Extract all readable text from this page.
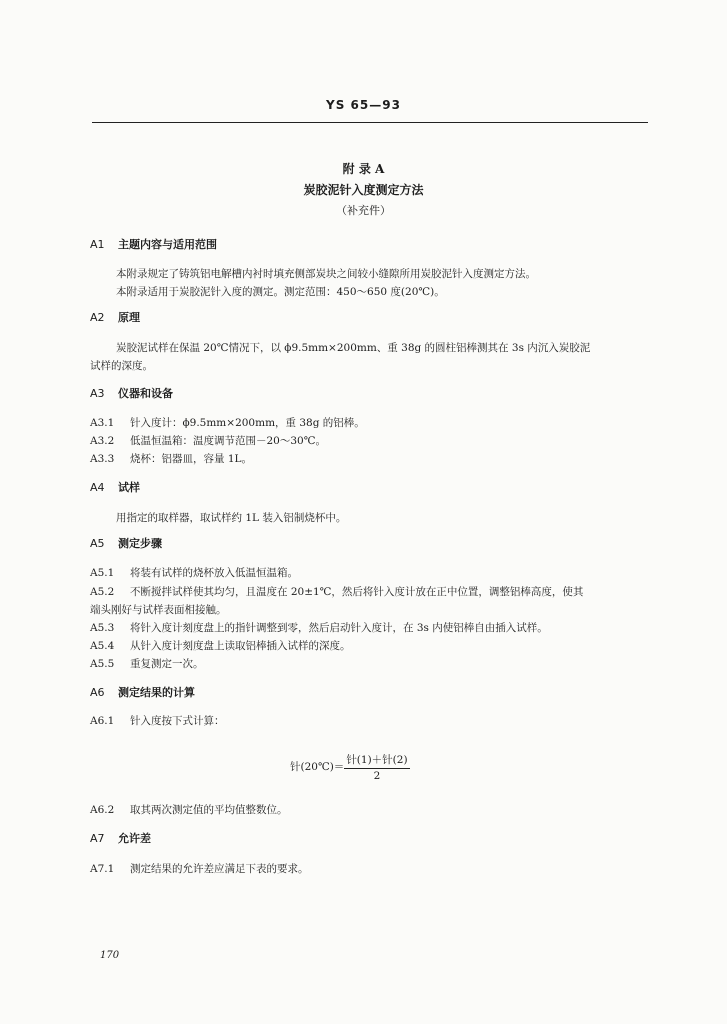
YS 65—93
附 录 A
炭胶泥针入度测定方法
（补充件）
A1 主题内容与适用范围
本附录规定了铸筑铝电解槽内衬时填充侧部炭块之间较小缝隙所用炭胶泥针入度测定方法。
本附录适用于炭胶泥针入度的测定。测定范围：450～650 度(20℃)。
A2 原理
炭胶泥试样在保温 20℃情况下，以 ϕ9.5mm×200mm、重 38g 的圆柱铝棒测其在 3s 内沉入炭胶泥
试样的深度。
A3 仪器和设备
A3.1 针入度计：ϕ9.5mm×200mm，重 38g 的铝棒。
A3.2 低温恒温箱：温度调节范围－20～30℃。
A3.3 烧杯：铝器皿，容量 1L。
A4 试样
用指定的取样器，取试样约 1L 装入铝制烧杯中。
A5 测定步骤
A5.1 将装有试样的烧杯放入低温恒温箱。
A5.2 不断搅拌试样使其均匀，且温度在 20±1℃，然后将针入度计放在正中位置，调整铝棒高度，使其
端头刚好与试样表面相接触。
A5.3 将针入度计刻度盘上的指针调整到零，然后启动针入度计，在 3s 内使铝棒自由插入试样。
A5.4 从针入度计刻度盘上读取铝棒插入试样的深度。
A5.5 重复测定一次。
A6 测定结果的计算
A6.1 针入度按下式计算：
针(20℃)＝ $\frac{\text{针(1)＋针(2)}}{2}$
A6.2 取其两次测定值的平均值整数位。
A7 允许差
A7.1 测定结果的允许差应满足下表的要求。
170
